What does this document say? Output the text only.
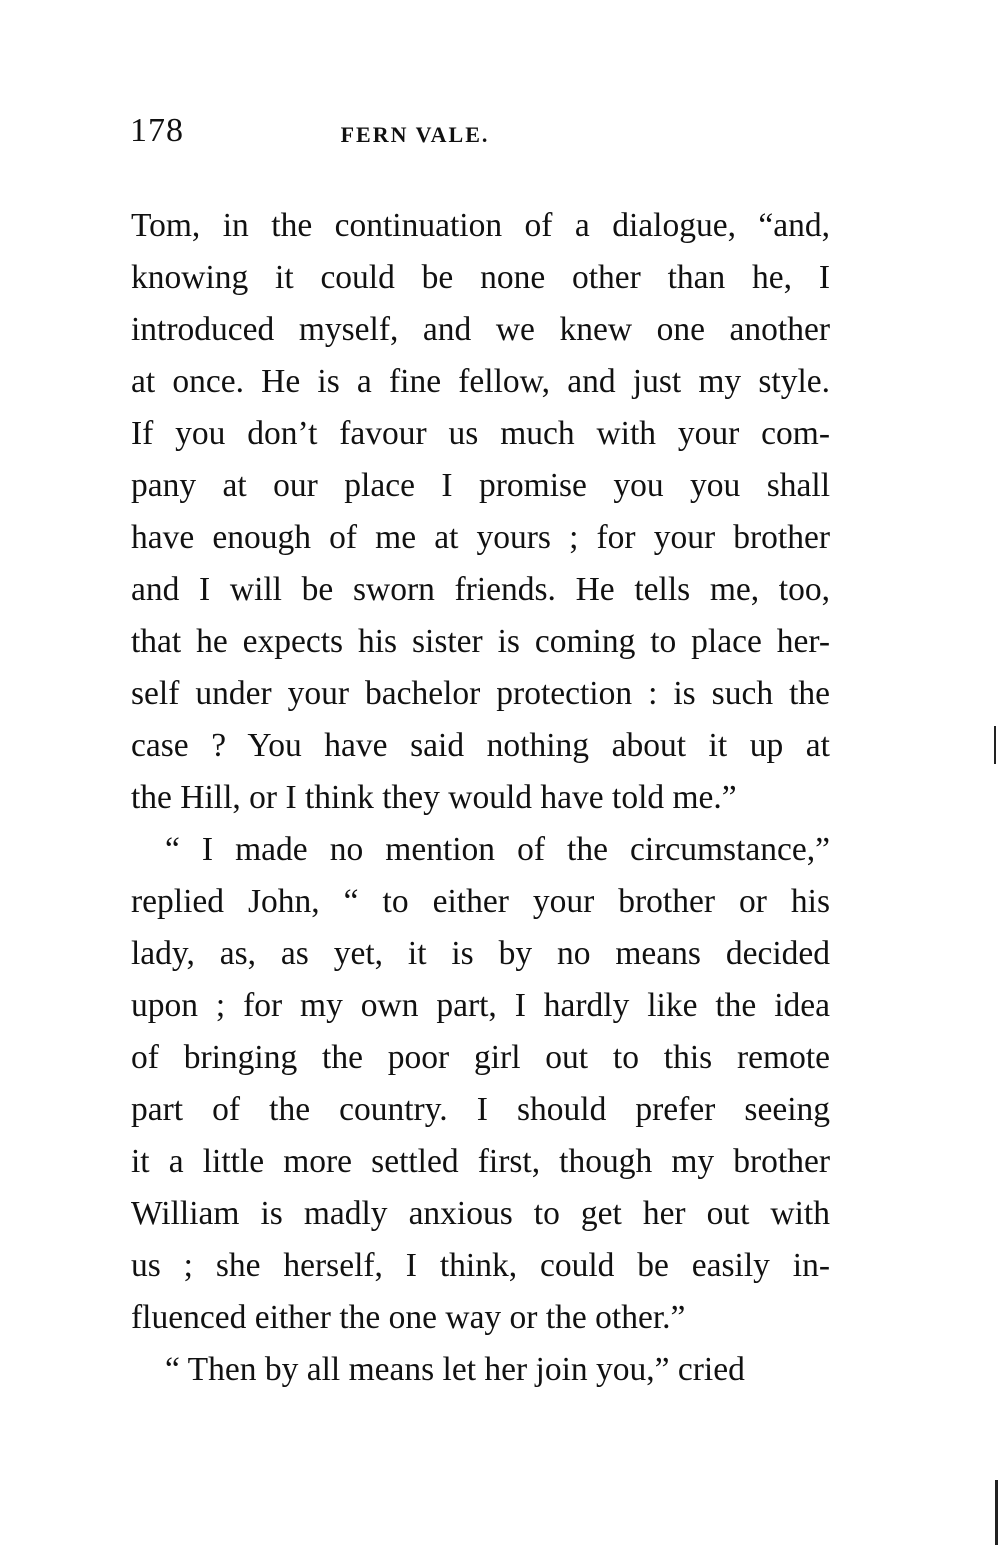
178	FERN VALE.
Tom, in the continuation of a dialogue, “and,
knowing it could be none other than he, I
introduced myself, and we knew one another
at once. He is a fine fellow, and just my style.
If you don’t favour us much with your com-
pany at our place I promise you you shall
have enough of me at yours ; for your brother
and I will be sworn friends. He tells me, too,
that he expects his sister is coming to place her-
self under your bachelor protection : is such the
case ? You have said nothing about it up at
the Hill, or I think they would have told me.”
“ I made no mention of the circumstance,”
replied John, “ to either your brother or his
lady, as, as yet, it is by no means decided
upon ; for my own part, I hardly like the idea
of bringing the poor girl out to this remote
part of the country. I should prefer seeing
it a little more settled first, though my brother
William is madly anxious to get her out with
us ; she herself, I think, could be easily in-
fluenced either the one way or the other.”
“ Then by all means let her join you,” cried
